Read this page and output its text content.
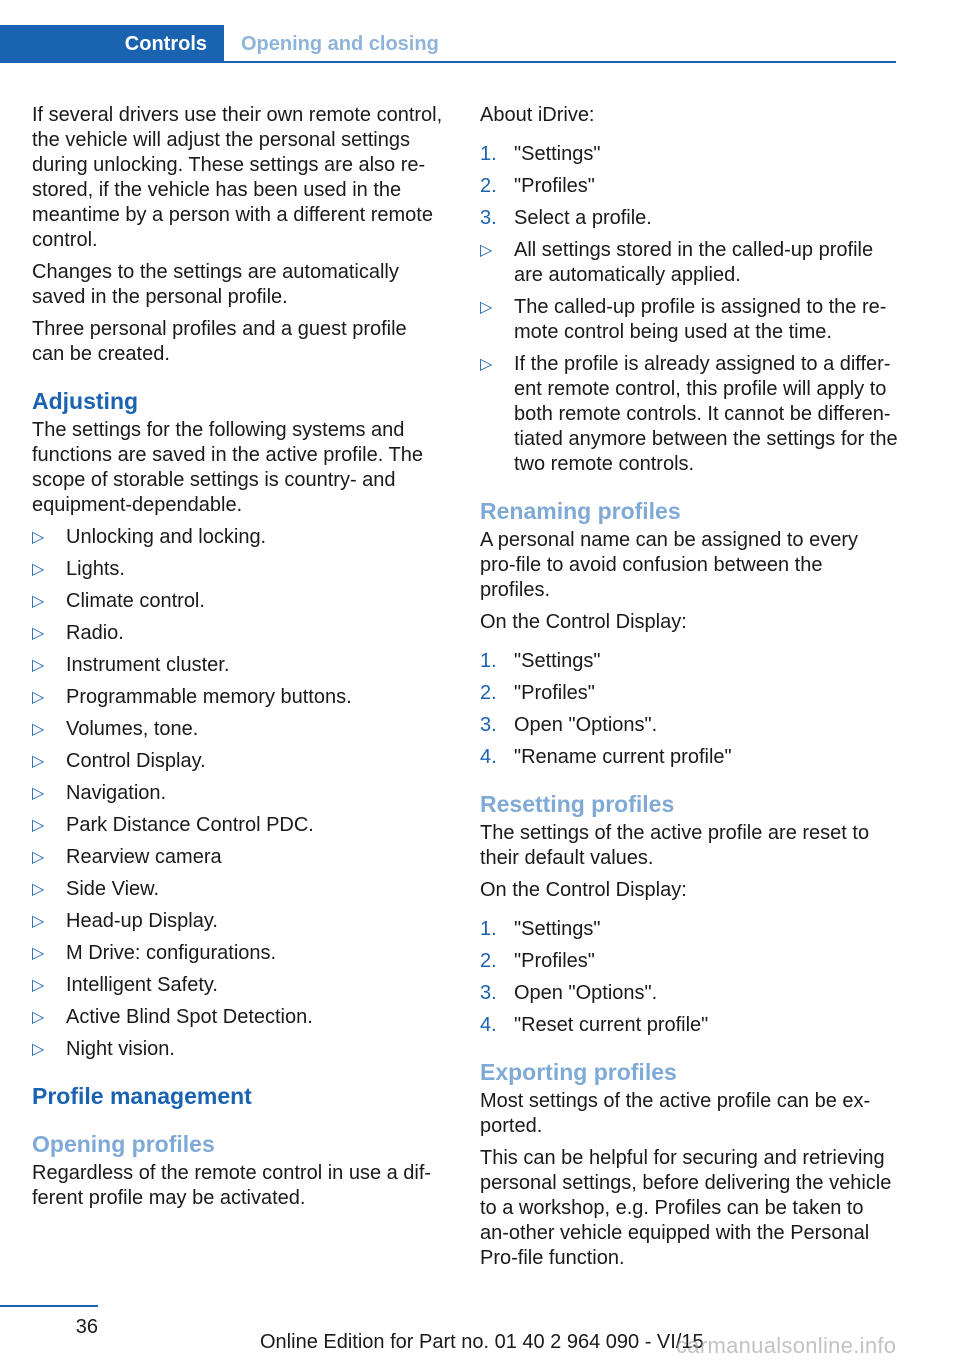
Controls	Opening and closing

If several drivers use their own remote control, the vehicle will adjust the personal settings during unlocking. These settings are also re-stored, if the vehicle has been used in the meantime by a person with a different remote control.

Changes to the settings are automatically saved in the personal profile.

Three personal profiles and a guest profile can be created.

Adjusting

The settings for the following systems and functions are saved in the active profile. The scope of storable settings is country- and equipment-dependable.

▷ Unlocking and locking.
▷ Lights.
▷ Climate control.
▷ Radio.
▷ Instrument cluster.
▷ Programmable memory buttons.
▷ Volumes, tone.
▷ Control Display.
▷ Navigation.
▷ Park Distance Control PDC.
▷ Rearview camera
▷ Side View.
▷ Head-up Display.
▷ M Drive: configurations.
▷ Intelligent Safety.
▷ Active Blind Spot Detection.
▷ Night vision.
Profile management
Opening profiles

Regardless of the remote control in use a dif-ferent profile may be activated.

About iDrive:

1. "Settings"
2. "Profiles"
3. Select a profile.
▷ All settings stored in the called-up profile are automatically applied.
▷ The called-up profile is assigned to the re-mote control being used at the time.
▷ If the profile is already assigned to a differ-ent remote control, this profile will apply to both remote controls. It cannot be differen-tiated anymore between the settings for the two remote controls.
Renaming profiles

A personal name can be assigned to every pro-file to avoid confusion between the profiles.

On the Control Display:

1. "Settings"
2. "Profiles"
3. Open "Options".
4. "Rename current profile"
Resetting profiles

The settings of the active profile are reset to their default values.

On the Control Display:

1. "Settings"
2. "Profiles"
3. Open "Options".
4. "Reset current profile"
Exporting profiles

Most settings of the active profile can be ex-ported.

This can be helpful for securing and retrieving personal settings, before delivering the vehicle to a workshop, e.g. Profiles can be taken to an-other vehicle equipped with the Personal Pro-file function.

36
Online Edition for Part no. 01 40 2 964 090 - VI/15
carmanualsonline.info
